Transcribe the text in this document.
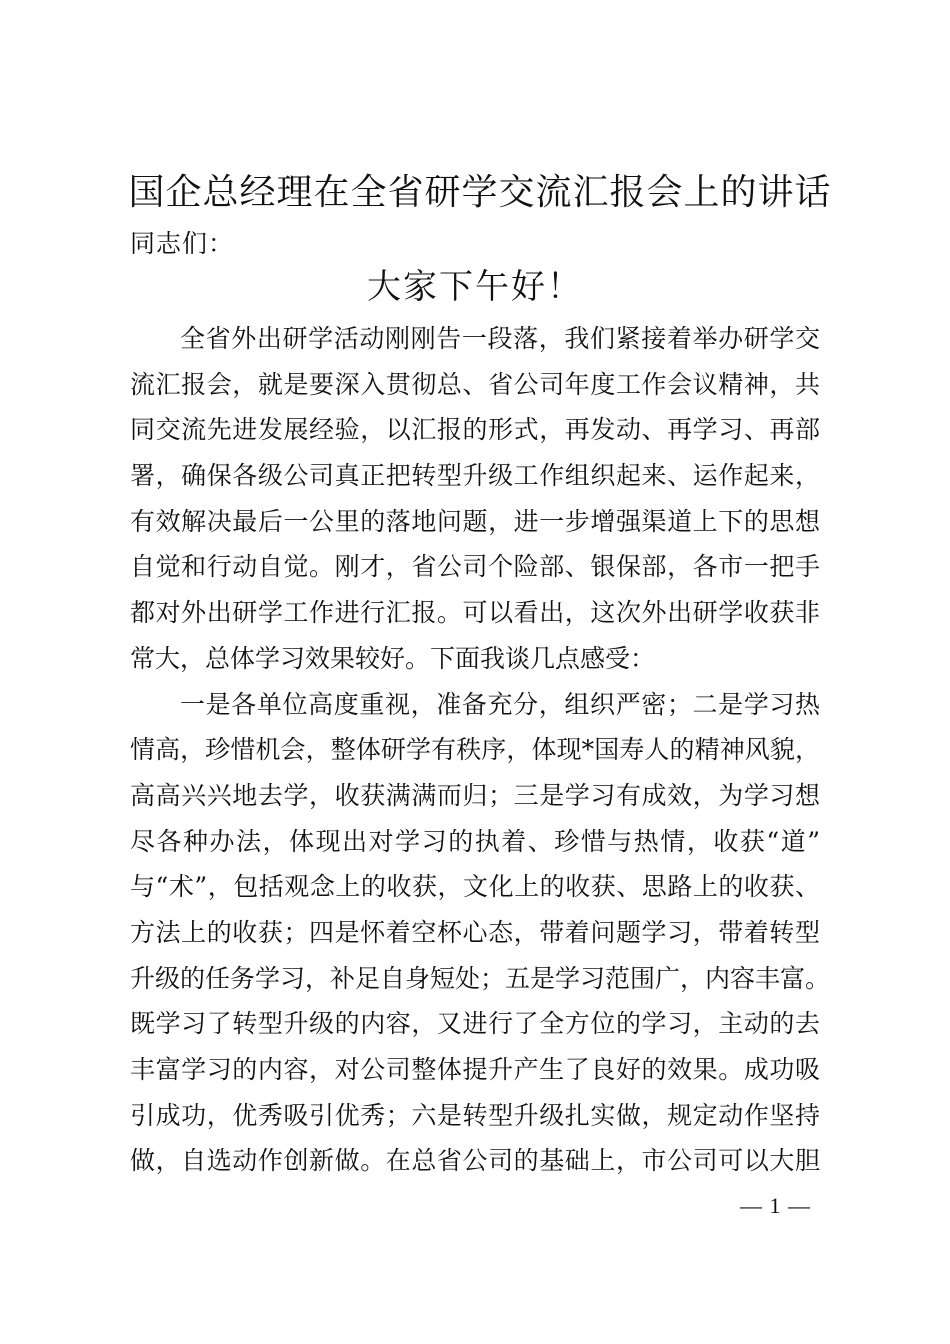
国企总经理在全省研学交流汇报会上的讲话
同志们：
大家下午好！
全省外出研学活动刚刚告一段落，我们紧接着举办研学交
流汇报会，就是要深入贯彻总、省公司年度工作会议精神，共
同交流先进发展经验，以汇报的形式，再发动、再学习、再部
署，确保各级公司真正把转型升级工作组织起来、运作起来，
有效解决最后一公里的落地问题，进一步增强渠道上下的思想
自觉和行动自觉。刚才，省公司个险部、银保部，各市一把手
都对外出研学工作进行汇报。可以看出，这次外出研学收获非
常大，总体学习效果较好。下面我谈几点感受：
一是各单位高度重视，准备充分，组织严密；二是学习热
情高，珍惜机会，整体研学有秩序，体现*国寿人的精神风貌，
高高兴兴地去学，收获满满而归；三是学习有成效，为学习想
尽各种办法，体现出对学习的执着、珍惜与热情，收获“道”
与“术”，包括观念上的收获，文化上的收获、思路上的收获、
方法上的收获；四是怀着空杯心态，带着问题学习，带着转型
升级的任务学习，补足自身短处；五是学习范围广，内容丰富。
既学习了转型升级的内容，又进行了全方位的学习，主动的去
丰富学习的内容，对公司整体提升产生了良好的效果。成功吸
引成功，优秀吸引优秀；六是转型升级扎实做，规定动作坚持
做，自选动作创新做。在总省公司的基础上，市公司可以大胆
— 1 —
